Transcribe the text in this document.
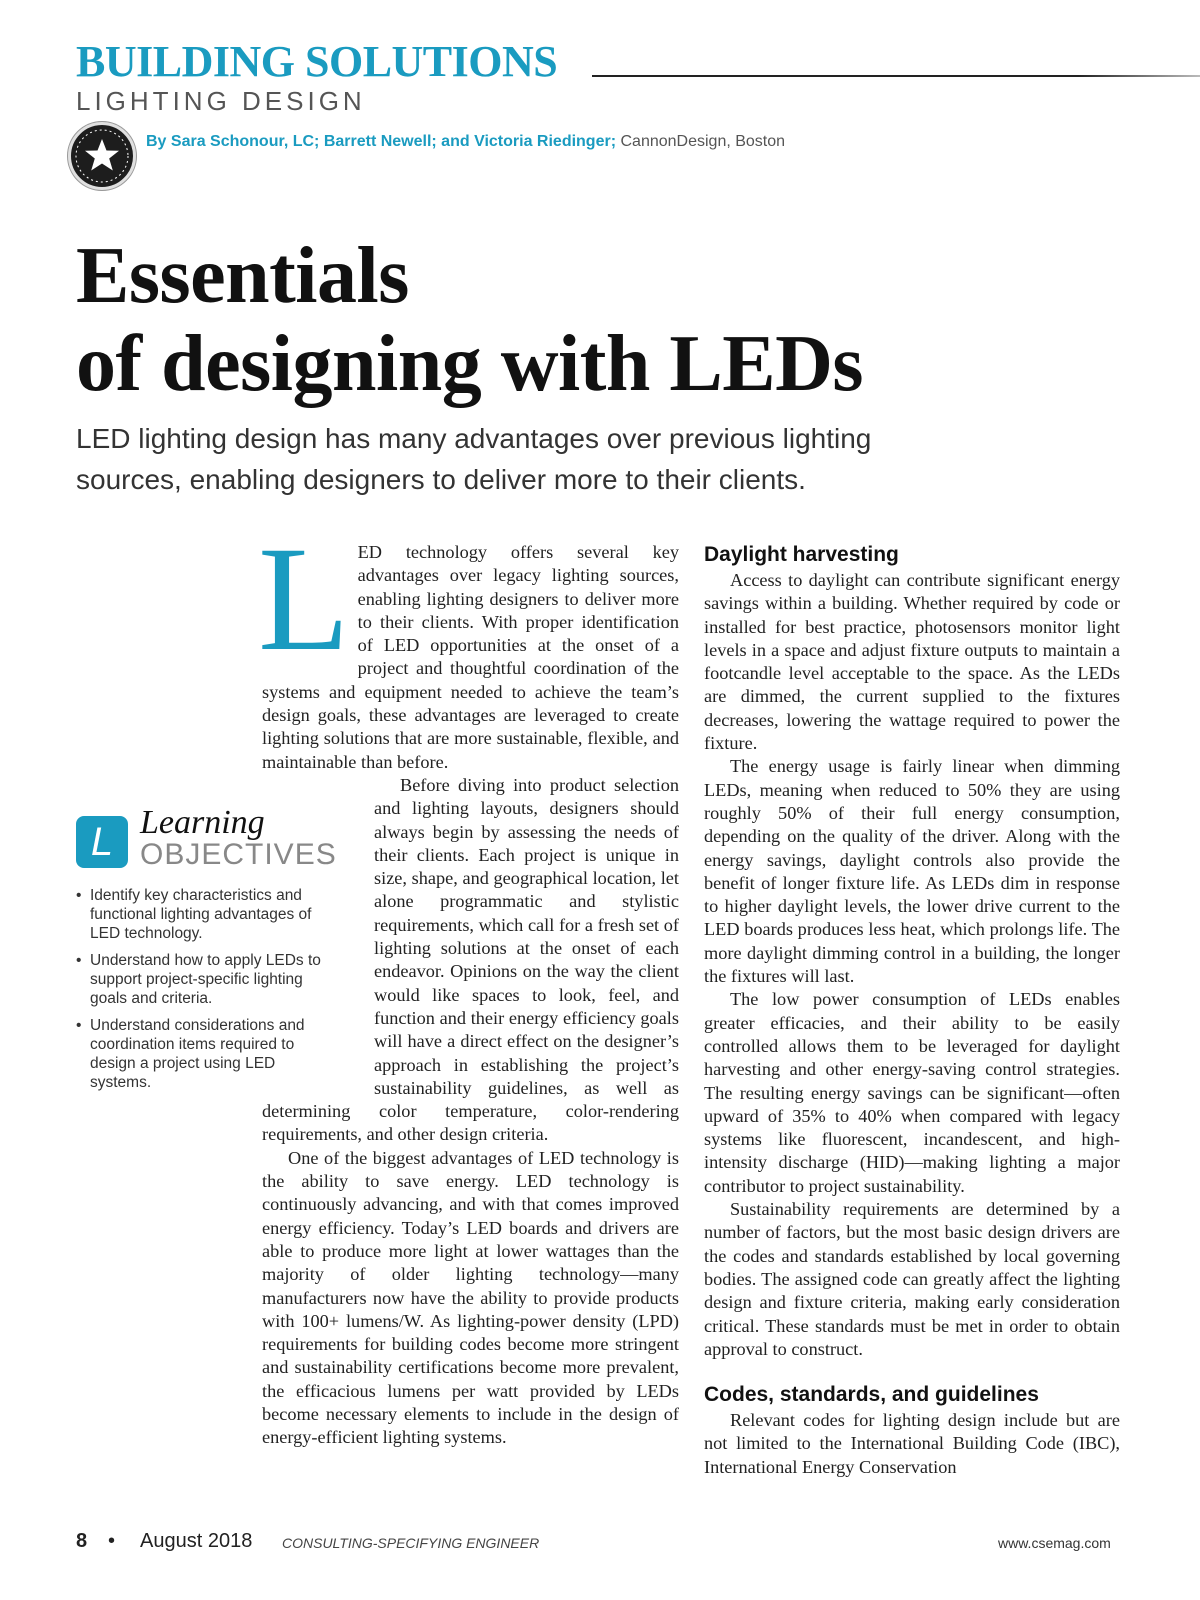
BUILDING SOLUTIONS
LIGHTING DESIGN
By Sara Schonour, LC; Barrett Newell; and Victoria Riedinger; CannonDesign, Boston
Essentials
of designing with LEDs

LED lighting design has many advantages over previous lighting sources, enabling designers to deliver more to their clients.

L Learning
OBJECTIVES
• Identify key characteristics and functional lighting advantages of LED technology.
• Understand how to apply LEDs to support project-specific lighting goals and criteria.
• Understand considerations and coordination items required to design a project using LED systems.
L ED technology offers several key advantages over legacy lighting sources, enabling lighting designers to deliver more to their clients. With proper identification of LED opportunities at the onset of a project and thoughtful coordination of the systems and equipment needed to achieve the team’s design goals, these advantages are leveraged to create lighting solutions that are more sustainable, flexible, and maintainable than before.

Before diving into product selection and lighting layouts, designers should always begin by assessing the needs of their clients. Each project is unique in size, shape, and geographical location, let alone programmatic and stylistic requirements, which call for a fresh set of lighting solutions at the onset of each endeavor. Opinions on the way the client would like spaces to look, feel, and function and their energy efficiency goals will have a direct effect on the designer’s approach in establishing the project’s sustainability guidelines, as well as determining color temperature, color-rendering requirements, and other design criteria.

One of the biggest advantages of LED technology is the ability to save energy. LED technology is continuously advancing, and with that comes improved energy efficiency. Today’s LED boards and drivers are able to produce more light at lower wattages than the majority of older lighting technology—many manufacturers now have the ability to provide products with 100+ lumens/W. As lighting-power density (LPD) requirements for building codes become more stringent and sustainability certifications become more prevalent, the efficacious lumens per watt provided by LEDs become necessary elements to include in the design of energy-efficient lighting systems.

Daylight harvesting

Access to daylight can contribute significant energy savings within a building. Whether required by code or installed for best practice, photosensors monitor light levels in a space and adjust fixture outputs to maintain a footcandle level acceptable to the space. As the LEDs are dimmed, the current supplied to the fixtures decreases, lowering the wattage required to power the fixture.

The energy usage is fairly linear when dimming LEDs, meaning when reduced to 50% they are using roughly 50% of their full energy consumption, depending on the quality of the driver. Along with the energy savings, daylight controls also provide the benefit of longer fixture life. As LEDs dim in response to higher daylight levels, the lower drive current to the LED boards produces less heat, which prolongs life. The more daylight dimming control in a building, the longer the fixtures will last.

The low power consumption of LEDs enables greater efficacies, and their ability to be easily controlled allows them to be leveraged for daylight harvesting and other energy-saving control strategies. The resulting energy savings can be significant—often upward of 35% to 40% when compared with legacy systems like fluorescent, incandescent, and high-intensity discharge (HID)—making lighting a major contributor to project sustainability.

Sustainability requirements are determined by a number of factors, but the most basic design drivers are the codes and standards established by local governing bodies. The assigned code can greatly affect the lighting design and fixture criteria, making early consideration critical. These standards must be met in order to obtain approval to construct.

Codes, standards, and guidelines

Relevant codes for lighting design include but are not limited to the International Building Code (IBC), International Energy Conservation

8 • August 2018 CONSULTING-SPECIFYING ENGINEER	www.csemag.com
